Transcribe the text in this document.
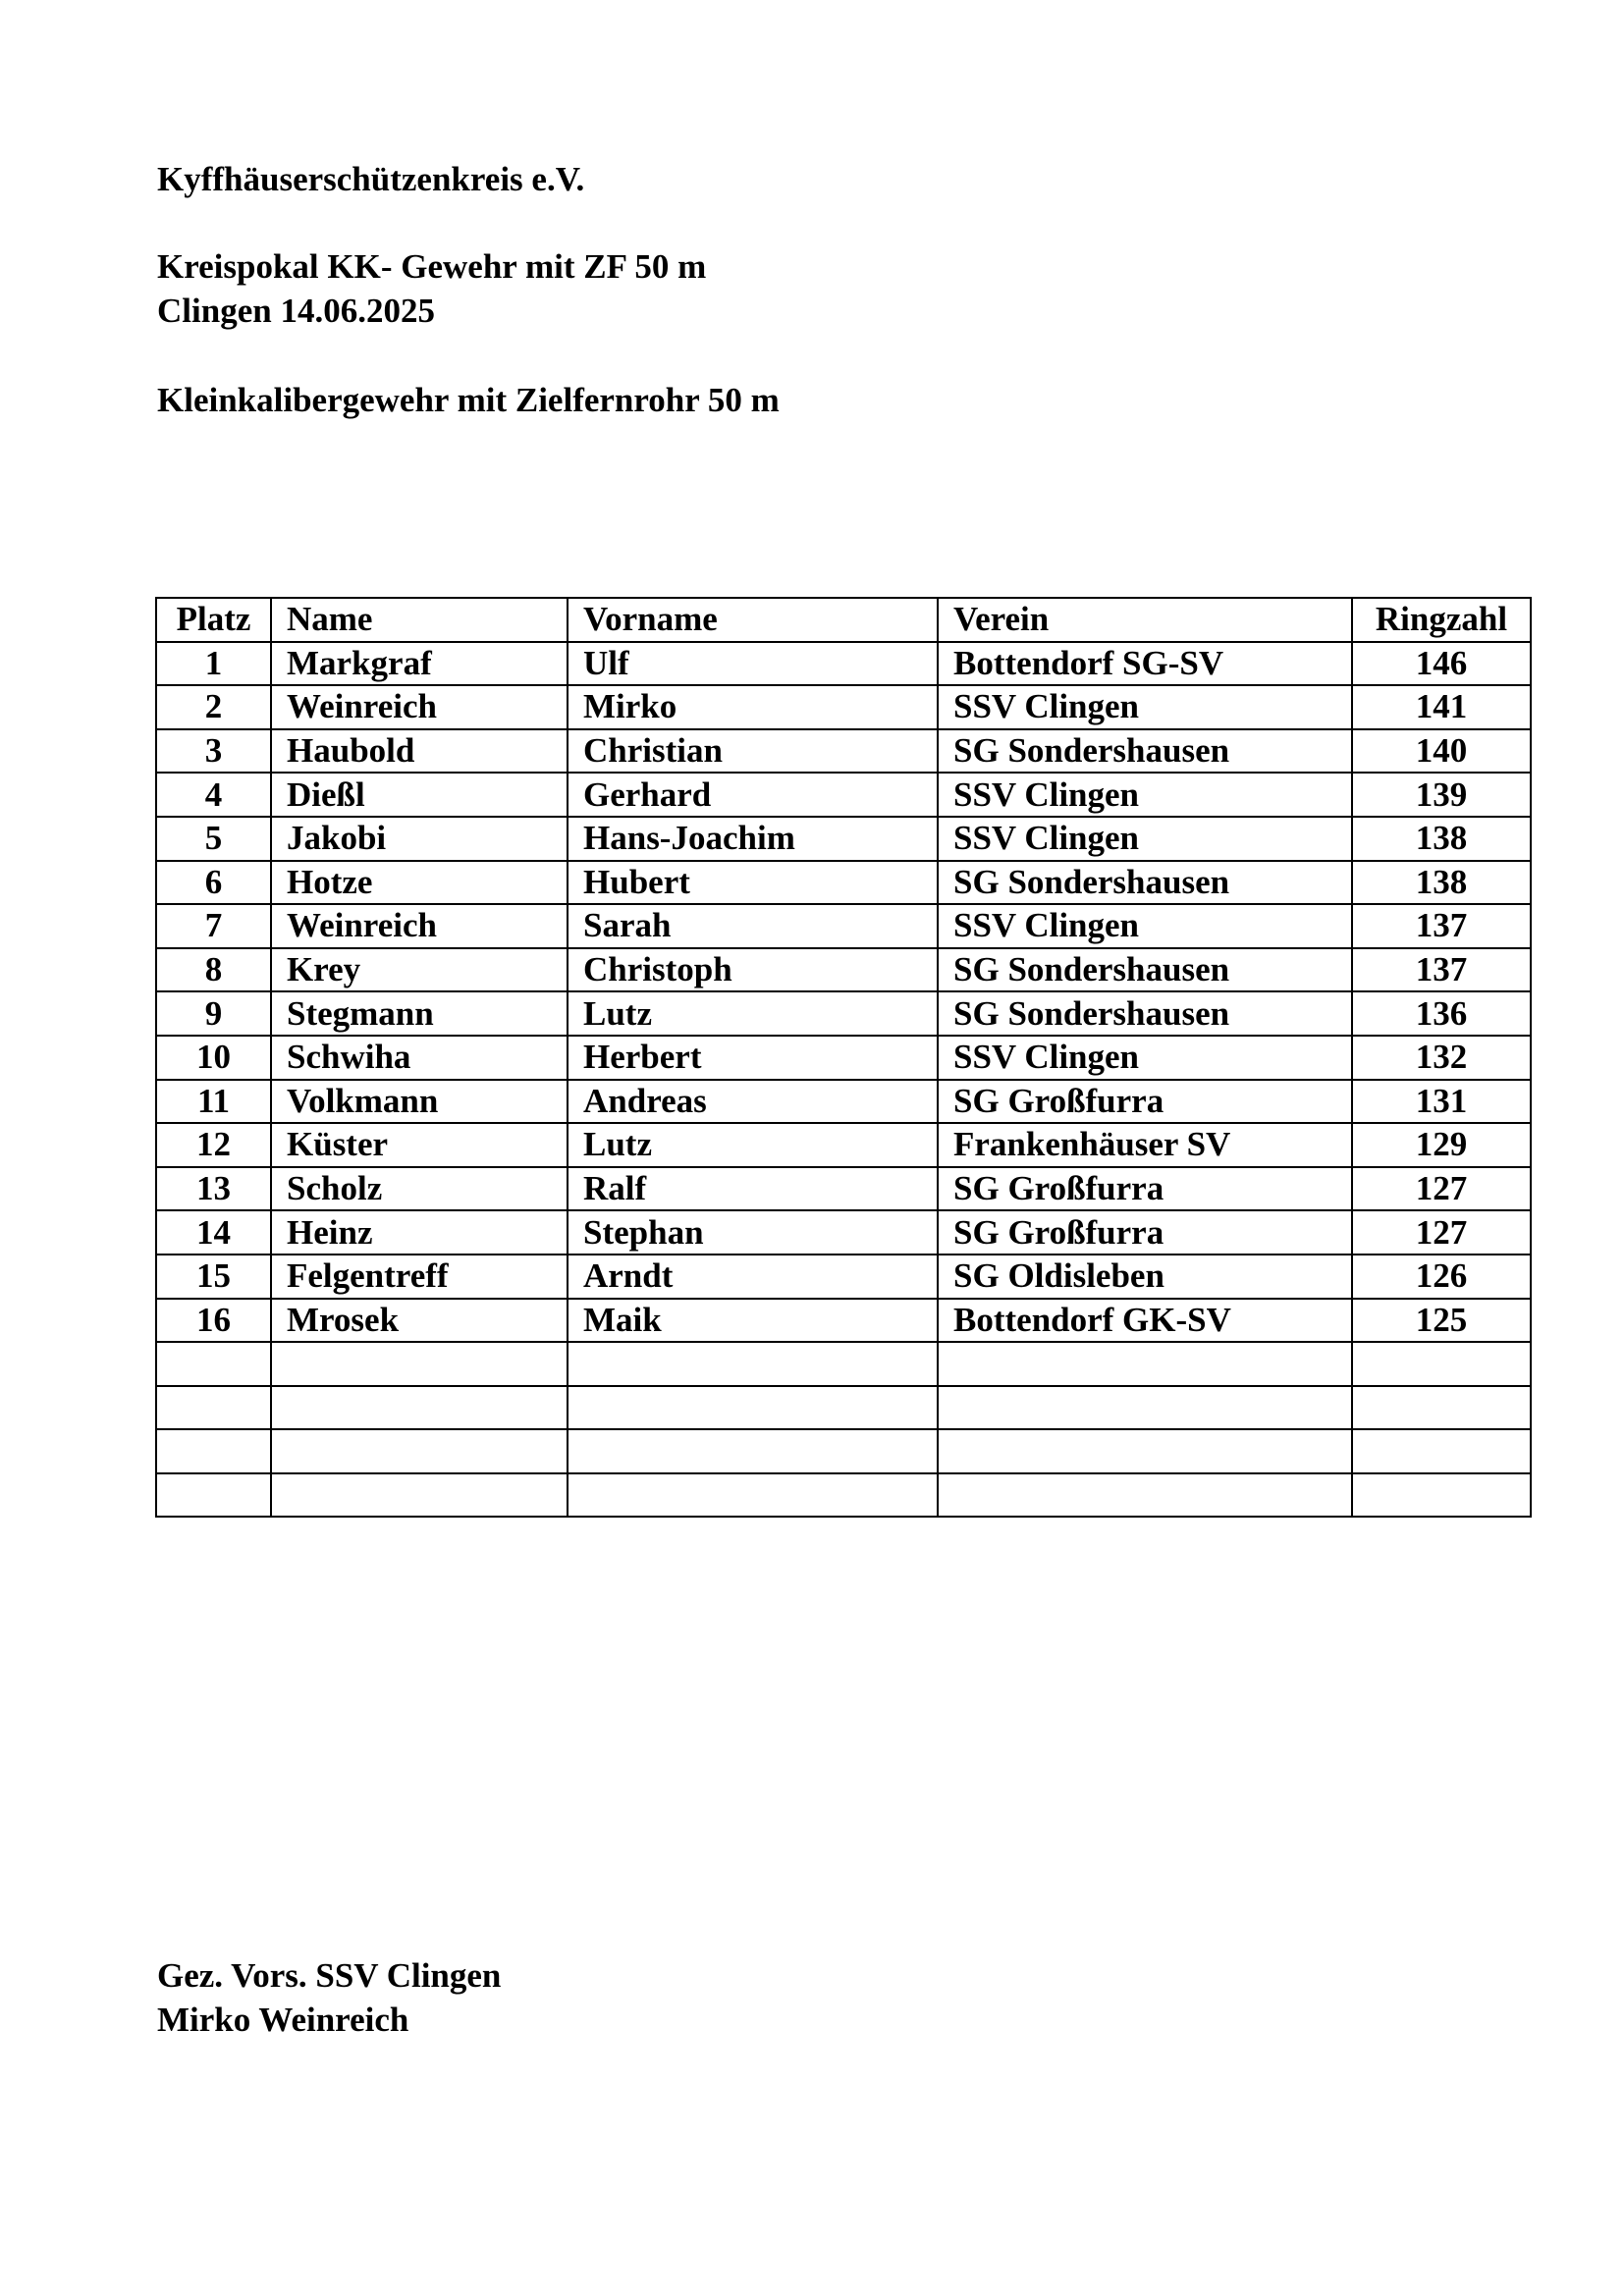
Kyffhäuserschützenkreis e.V.

Kreispokal KK- Gewehr mit ZF 50 m

Clingen 14.06.2025

Kleinkalibergewehr mit Zielfernrohr 50 m

Platz	Name	Vorname	Verein	Ringzahl
1	Markgraf	Ulf	Bottendorf SG-SV	146
2	Weinreich	Mirko	SSV Clingen	141
3	Haubold	Christian	SG Sondershausen	140
4	Dießl	Gerhard	SSV Clingen	139
5	Jakobi	Hans-Joachim	SSV Clingen	138
6	Hotze	Hubert	SG Sondershausen	138
7	Weinreich	Sarah	SSV Clingen	137
8	Krey	Christoph	SG Sondershausen	137
9	Stegmann	Lutz	SG Sondershausen	136
10	Schwiha	Herbert	SSV Clingen	132
11	Volkmann	Andreas	SG Großfurra	131
12	Küster	Lutz	Frankenhäuser SV	129
13	Scholz	Ralf	SG Großfurra	127
14	Heinz	Stephan	SG Großfurra	127
15	Felgentreff	Arndt	SG Oldisleben	126
16	Mrosek	Maik	Bottendorf GK-SV	125

Gez. Vors. SSV Clingen

Mirko Weinreich
